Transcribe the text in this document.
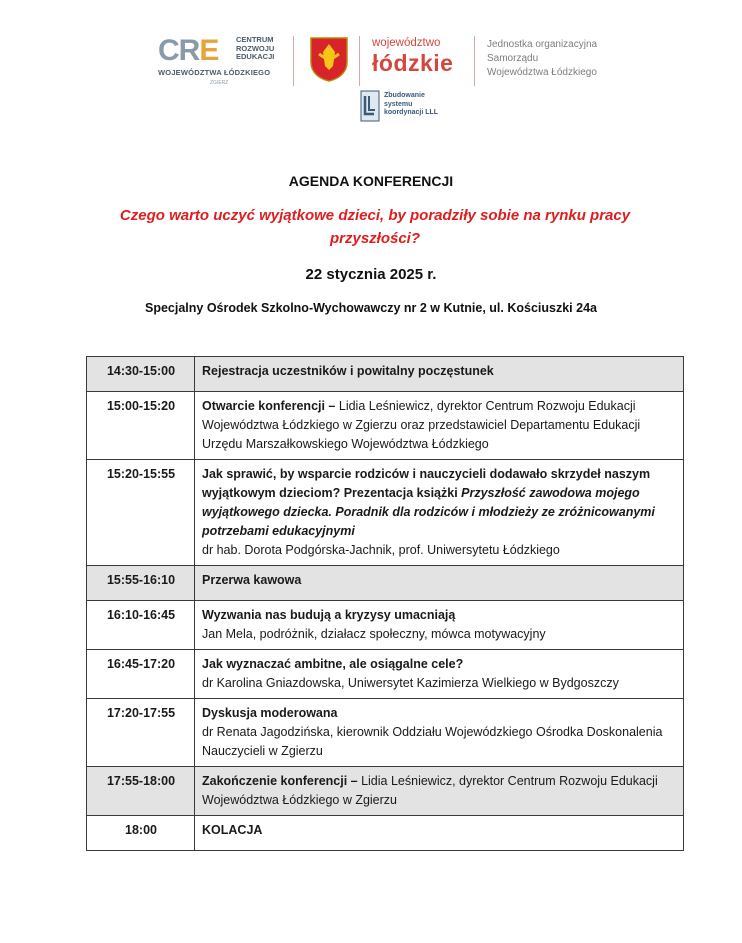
CRE CENTRUM
ROZWOJU
EDUKACJI
WOJEWÓDZTWA ŁÓDZKIEGO
ZGIERZ
województwo
łódzkie
Jednostka organizacyjna
Samorządu
Województwa Łódzkiego
Zbudowanie
systemu
koordynacji LLL
AGENDA KONFERENCJI
Czego warto uczyć wyjątkowe dzieci, by poradziły sobie na rynku pracy przyszłości?
22 stycznia 2025 r.
Specjalny Ośrodek Szkolno-Wychowawczy nr 2 w Kutnie, ul. Kościuszki 24a
14:30-15:00	Rejestracja uczestników i powitalny poczęstunek
15:00-15:20	Otwarcie konferencji – Lidia Leśniewicz, dyrektor Centrum Rozwoju Edukacji Województwa Łódzkiego w Zgierzu oraz przedstawiciel Departamentu Edukacji Urzędu Marszałkowskiego Województwa Łódzkiego
15:20-15:55	Jak sprawić, by wsparcie rodziców i nauczycieli dodawało skrzydeł naszym wyjątkowym dzieciom? Prezentacja książki Przyszłość zawodowa mojego wyjątkowego dziecka. Poradnik dla rodziców i młodzieży ze zróżnicowanymi potrzebami edukacyjnymi
dr hab. Dorota Podgórska-Jachnik, prof. Uniwersytetu Łódzkiego

15:55-16:10	Przerwa kawowa
16:10-16:45	Wyzwania nas budują a kryzysy umacniają
Jan Mela, podróżnik, działacz społeczny, mówca motywacyjny

16:45-17:20	Jak wyznaczać ambitne, ale osiągalne cele?
dr Karolina Gniazdowska, Uniwersytet Kazimierza Wielkiego w Bydgoszczy

17:20-17:55	Dyskusja moderowana
dr Renata Jagodzińska, kierownik Oddziału Wojewódzkiego Ośrodka Doskonalenia Nauczycieli w Zgierzu

17:55-18:00	Zakończenie konferencji – Lidia Leśniewicz, dyrektor Centrum Rozwoju Edukacji Województwa Łódzkiego w Zgierzu
18:00	KOLACJA
